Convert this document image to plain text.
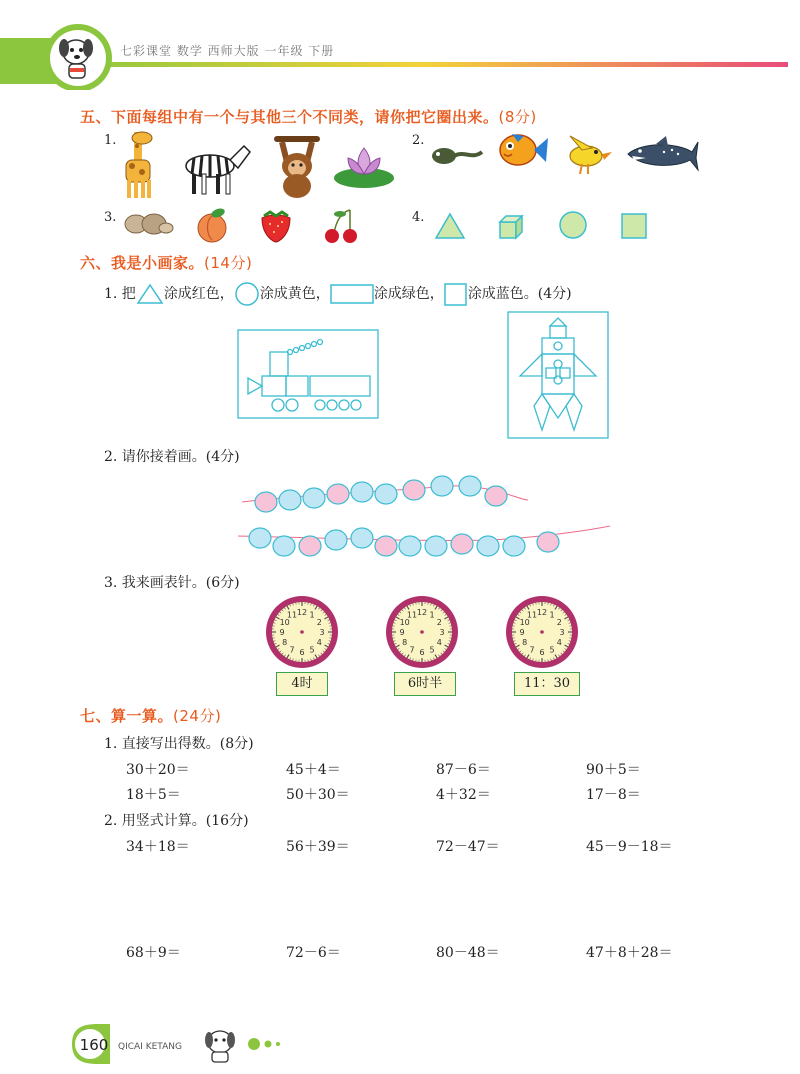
七彩课堂 数学 西师大版 一年级 下册
五、下面每组中有一个与其他三个不同类，请你把它圈出来。(8分)
1.	2.
3.	4.
六、我是小画家。(14分)
1. 把 涂成红色， 涂成黄色，	涂成绿色， 涂成蓝色。(4分)
2. 请你接着画。(4分)
3. 我来画表针。(6分)
12 1
2
3
4
5
6
7
8
9
10
11	12 1
2
3
4
5
6
7
8
9
10
11	12 1
2
3
4
5
6
7
8
9
10
11
4时	6时半	11：30
七、算一算。(24分)
1. 直接写出得数。(8分)
30＋20＝	45＋4＝	87－6＝	90＋5＝
18＋5＝	50＋30＝	4＋32＝	17－8＝
2. 用竖式计算。(16分)
34＋18＝	56＋39＝	72－47＝	45－9－18＝
68＋9＝	72－6＝	80－48＝	47＋8＋28＝
160	QICAI KETANG
